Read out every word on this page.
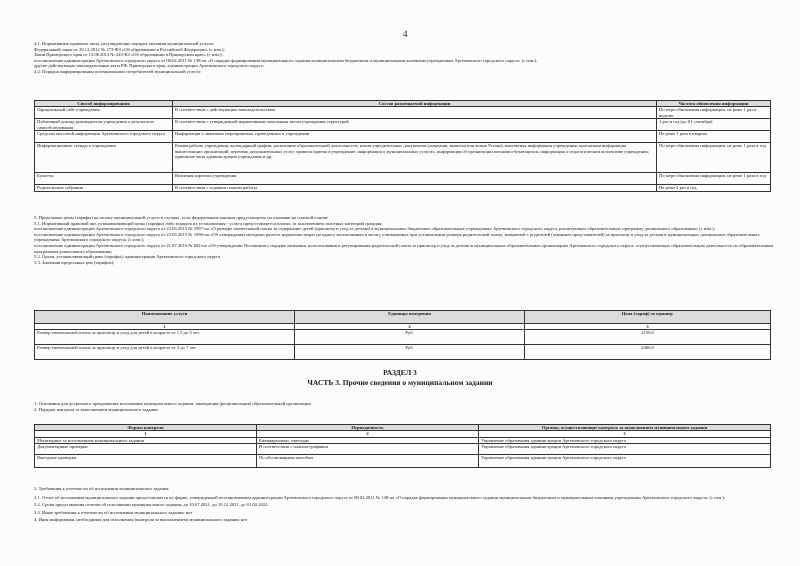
4
4.1. Нормативные правовые акты, регулирующие порядок оказания муниципальной услуги:
Федеральный закон от 29.12.2012 № 273-ФЗ «Об образовании в Российской Федерации» (с изм.);
Закон Приморского края от 13.08.2013 № 243-КЗ «Об образовании в Приморском крае» (с изм.);
постановление администрации Артемовского городского округа от 08.02.2011 № 138-па «О порядке формирования муниципального задания муниципальным бюджетным и муниципальным казенным учреждениям Артемовского городского округа» (с изм.);
другие действующие законодательные акты РФ, Приморского края, администрации Артемовского городского округа.
4.2. Порядок информирования потенциальных потребителей муниципальной услуги:
Способ информирования	Состав размещаемой информации	Частота обновления информации
Официальный сайт учреждения	В соответствии с действующим законодательством	По мере обновления информации, не реже 1 раз в неделю
Публичный доклад руководителя учреждения о результатах самообследования	В соответствии с утвержденной нормативным локальным актом учреждения структурой	1 раз в год (до 01 сентября)
Средства массовой информации Артемовского городского округа	Информация о значимых мероприятиях, проведенных в учреждении	Не реже 1 раза в квартал
Информационные стенды в учреждении	Режим работы учреждения; календарный график; расписание образовательной деятельности; копии учредительных документов (лицензия, выписка или копия Устава); контактная информация учреждения; контактная информация вышестоящих организаций; перечень дополнительных услуг, правила приема в учреждение; информация о муниципальных услугах, информация об организации питания обучающихся, информация о педагогическом коллективе учреждения; приемные часы администрации учреждения и др.	По мере обновления информации, не реже 1 раза в год
Буклеты	Визитная карточка учреждения	По мере обновления информации, не реже 1 раза в год
Родительские собрания	В соответствии с годовым планом работы	Не реже 2 раз в год
5. Предельные цены (тарифы) на оплату муниципальной услуги в случаях, если федеральным законом предусмотрено их оказание на платной основе
5.1. Нормативный правовой акт, устанавливающий цены (тарифы) либо порядок их установления - услуга предоставляется платно, за исключением льготных категорий граждан:
постановление администрации Артемовского городского округа от 23.03.2015 № 1997-па «О размере ежемесячной платы за содержание детей (присмотр и уход за детьми) в муниципальных бюджетных образовательных учреждениях Артемовского городского округа, реализующих образовательную программу дошкольного образования» (с изм.);
постановление администрации Артемовского городского округа от 23.03.2015 № 1996-па «Об утверждении методики расчета норматива затрат на одного воспитанника в месяц, учитываемых при установлении размера родительской платы, взимаемой с родителей (законных представителей) за присмотр и уход за детьми в муниципальных дошкольных образовательных учреждениях Артемовского городского округа» (с изм.);
постановление администрации Артемовского городского округа от 21.07.2016 № 602-па «Об утверждении Положения о порядке взимания, использования и регулирования родительской платы за присмотр и уход за детьми в муниципальных образовательных организациях Артемовского городского округа, осуществляющих образовательную деятельность по образовательным программам дошкольного образования»
5.2. Орган, устанавливающий цены (тарифы): администрация Артемовского городского округа
5.3. Значения предельных цен (тарифов):
Наименование услуги	Единицы измерения	Цена (тариф) за единицу
1	2	3
Размер ежемесячной платы за присмотр и уход для детей в возрасте от 1,5 до 3 лет	Руб.	2150,0
Размер ежемесячной платы за присмотр и уход для детей в возрасте от 3 до 7 лет	Руб.	2480,0
РАЗДЕЛ 3
ЧАСТЬ 3. Прочие сведения о муниципальном задании
1. Основания для досрочного прекращения исполнения муниципального задания: ликвидация (реорганизация) образовательной организации
2. Порядок контроля за выполнением муниципального задания:
Формы контроля	Периодичность	Органы, осуществляющие контроль за выполнением муниципального задания
1	2	3
Мониторинг за исполнением муниципального задания	Ежеквартально, ежегодно	Управление образования администрации Артемовского городского округа
Документарные проверки	В соответствии с планом-графиком	Управление образования администрации Артемовского городского округа
Выездные проверки	По обоснованным жалобам	Управление образования администрации Артемовского городского округа
3. Требования к отчетности об исполнении муниципального задания
3.1. Отчет об исполнении муниципального задания предоставляется по форме, утвержденной постановлением администрации Артемовского городского округа от 08.02.2011 № 138-па «О порядке формирования муниципального задания муниципальным бюджетным и муниципальным казенным учреждениям Артемовского городского округа» (с изм.);
3.2. Сроки представления отчетов об исполнении муниципального задания: до 10.07.2021, до 10.12.2021, до 01.02.2022.
3.3. Иные требования к отчетности об исполнении муниципального задания: нет
4. Иная информация, необходимая для исполнения (контроля за выполнением) муниципального задания: нет
